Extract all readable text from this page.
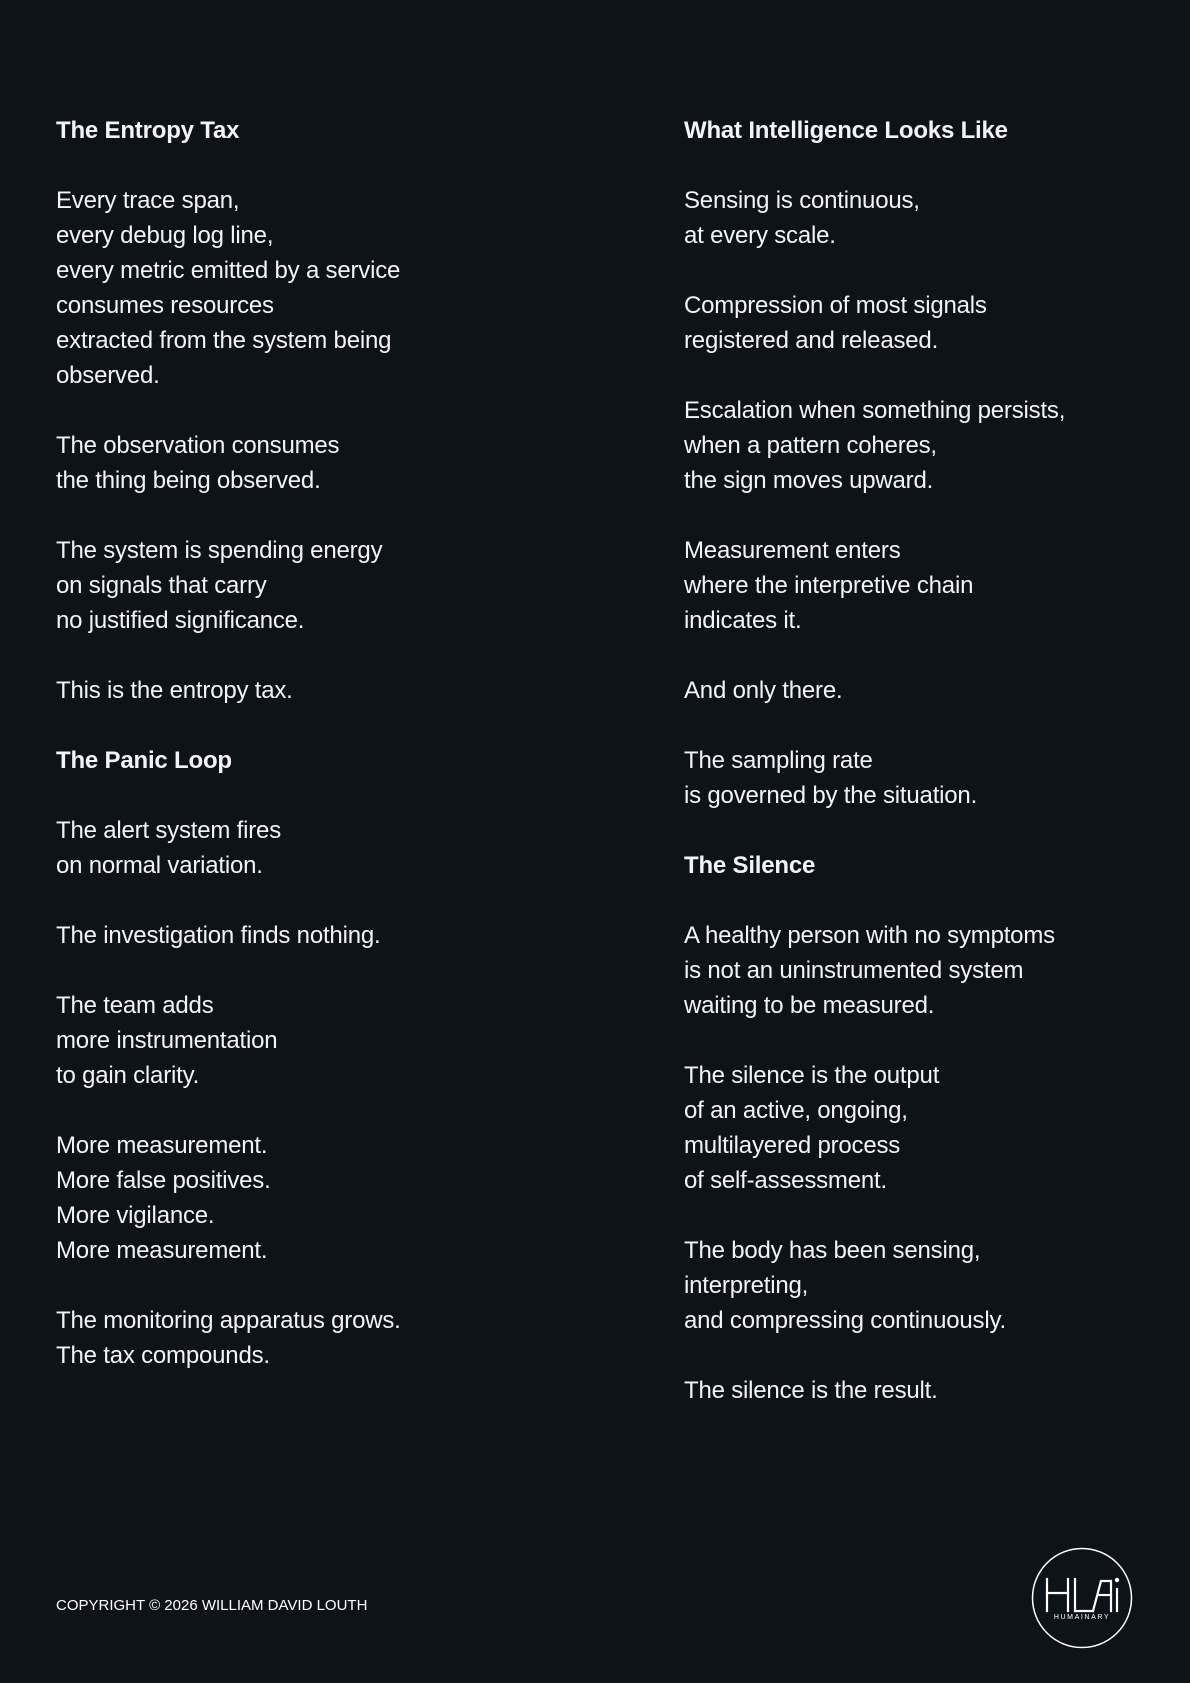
The Entropy Tax
Every trace span,
every debug log line,
every metric emitted by a service
consumes resources
extracted from the system being
observed.
The observation consumes
the thing being observed.
The system is spending energy
on signals that carry
no justified significance.
This is the entropy tax.
The Panic Loop
The alert system fires
on normal variation.
The investigation finds nothing.
The team adds
more instrumentation
to gain clarity.
More measurement.
More false positives.
More vigilance.
More measurement.
The monitoring apparatus grows.
The tax compounds.
What Intelligence Looks Like
Sensing is continuous,
at every scale.
Compression of most signals
registered and released.
Escalation when something persists,
when a pattern coheres,
the sign moves upward.
Measurement enters
where the interpretive chain
indicates it.
And only there.
The sampling rate
is governed by the situation.
The Silence
A healthy person with no symptoms
is not an uninstrumented system
waiting to be measured.
The silence is the output
of an active, ongoing,
multilayered process
of self-assessment.
The body has been sensing,
interpreting,
and compressing continuously.
The silence is the result.
COPYRIGHT © 2026 WILLIAM DAVID LOUTH
HUMAINARY
